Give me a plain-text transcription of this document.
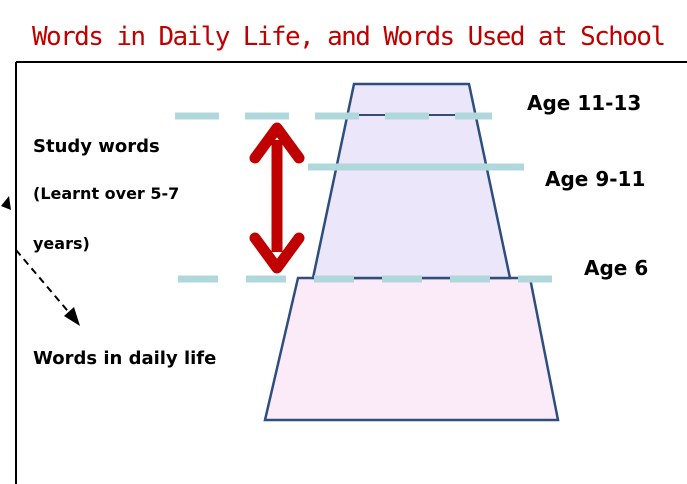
Words in Daily Life, and Words Used at School
Age 11-13
Age 9-11
Age 6
Study words
(Learnt over 5-7
years)
Words in daily life
